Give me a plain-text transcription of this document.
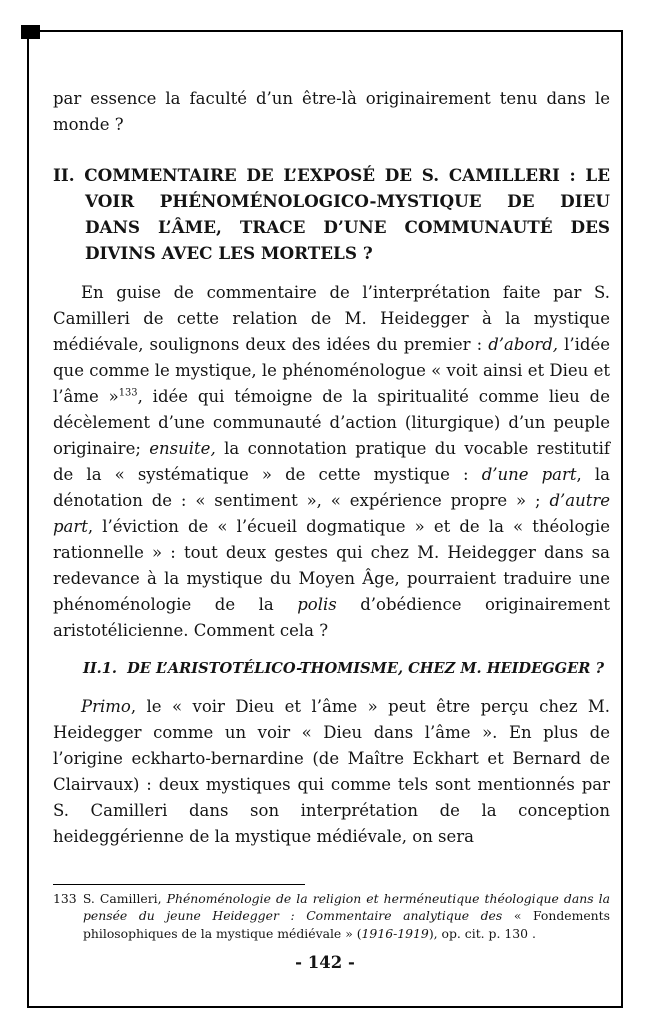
par essence la faculté d’un être-là originairement tenu dans le monde ?

II. COMMENTAIRE DE L’EXPOSÉ DE S. CAMILLERI : LE VOIR PHÉNOMÉNOLOGICO-MYSTIQUE DE DIEU DANS L’ÂME, TRACE D’UNE COMMUNAUTÉ DES DIVINS AVEC LES MORTELS ?

En guise de commentaire de l’interprétation faite par S. Camilleri de cette relation de M. Heidegger à la mystique médiévale, soulignons deux des idées du premier : d’abord, l’idée que comme le mystique, le phénoménologue « voit ainsi et Dieu et l’âme »$^{133}$, idée qui témoigne de la spiritualité comme lieu de décèlement d’une communauté d’action (liturgique) d’un peuple originaire; ensuite, la connotation pratique du vocable restitutif de la « systématique » de cette mystique : d’une part, la dénotation de : « sentiment », « expérience propre » ; d’autre part, l’éviction de « l’écueil dogmatique » et de la « théologie rationnelle » : tout deux gestes qui chez M. Heidegger dans sa redevance à la mystique du Moyen Âge, pourraient traduire une phénoménologie de la polis d’obédience originairement aristotélicienne. Comment cela ?

II.1.  DE L’ARISTOTÉLICO-THOMISME, CHEZ M. HEIDEGGER ?

Primo, le « voir Dieu et l’âme » peut être perçu chez M. Heidegger comme un voir « Dieu dans l’âme ». En plus de l’origine eckharto-bernardine (de Maître Eckhart et Bernard de Clairvaux) : deux mystiques qui comme tels sont mentionnés par S. Camilleri dans son interprétation de la conception heideggérienne de la mystique médiévale, on sera

133 S. Camilleri, Phénoménologie de la religion et herméneutique théologique dans la pensée du jeune Heidegger : Commentaire analytique des « Fondements philosophiques de la mystique médiévale » (1916-1919), op. cit. p. 130 .

- 142 -
